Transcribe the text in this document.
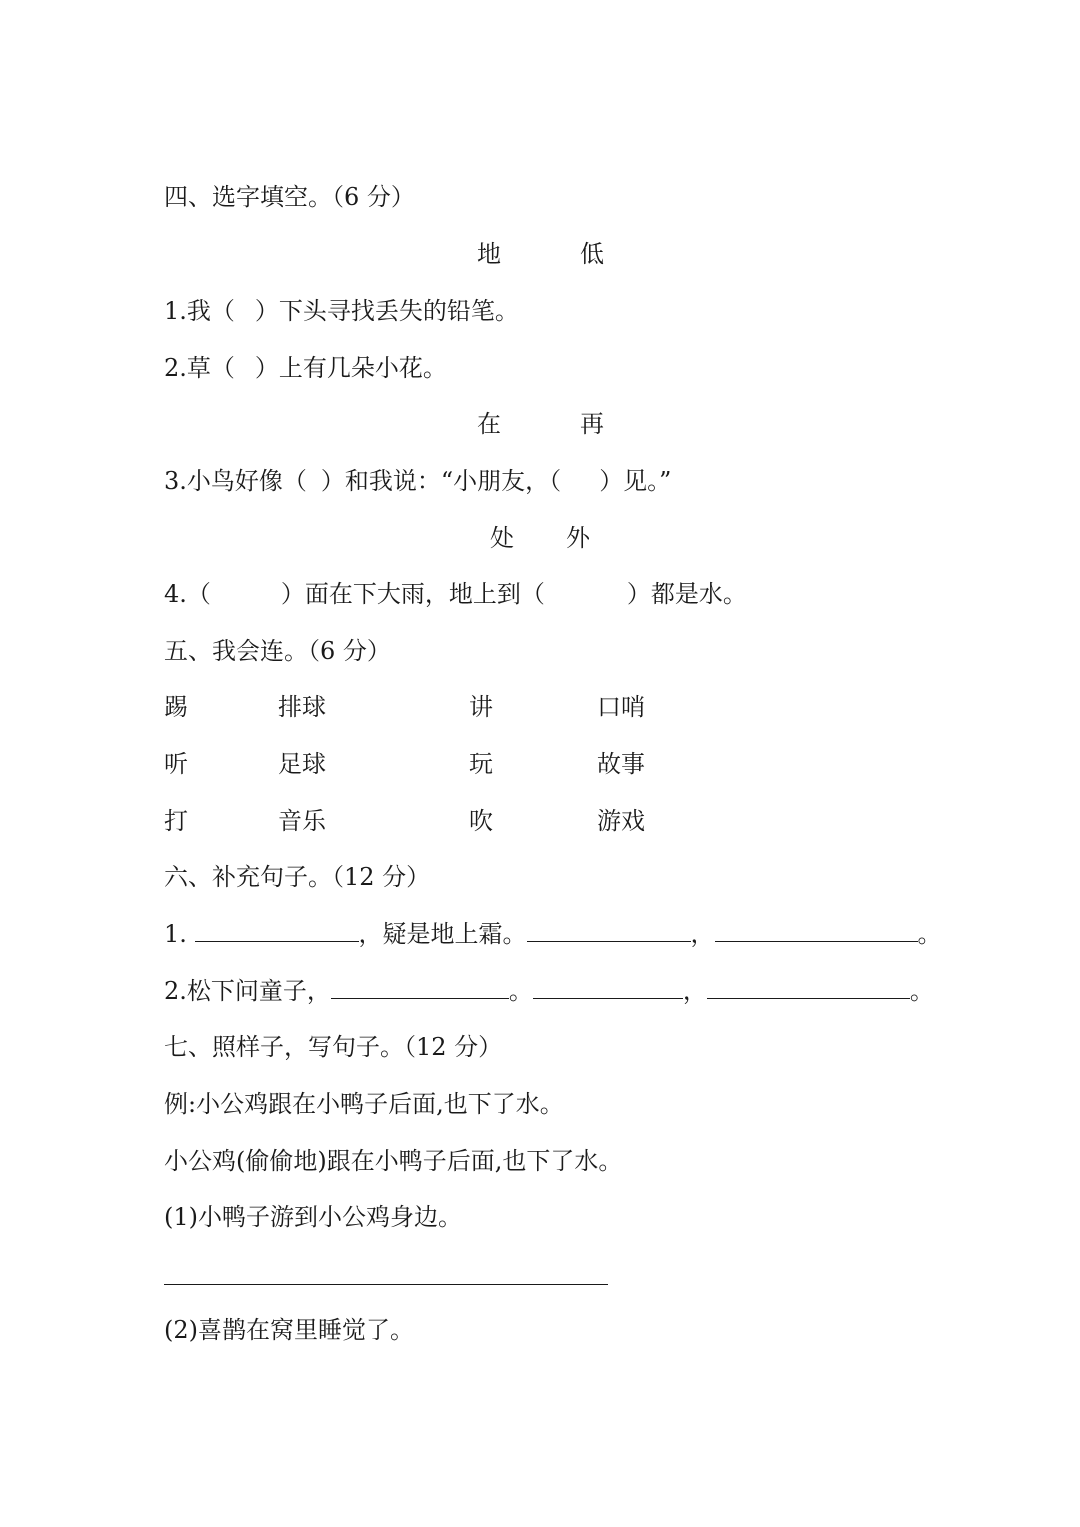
四、选字填空。（6 分）
地	低
1.我（ ）下头寻找丢失的铅笔。
2.草（ ）上有几朵小花。
在	再
3.小鸟好像（ ）和我说：“小朋友，（ ）见。”
处 外
4.（	）面在下大雨，地上到（	）都是水。
五、我会连。（6 分）
踢	排球	讲	口哨
听	足球	玩	故事
打	音乐	吹	游戏
六、补充句子。（12 分）
1.	，疑是地上霜。	，	。
2.松下问童子，	。	，	。
七、照样子，写句子。（12 分）
例:小公鸡跟在小鸭子后面,也下了水。
小公鸡(偷偷地)跟在小鸭子后面,也下了水。
(1)小鸭子游到小公鸡身边。
(2)喜鹊在窝里睡觉了。
